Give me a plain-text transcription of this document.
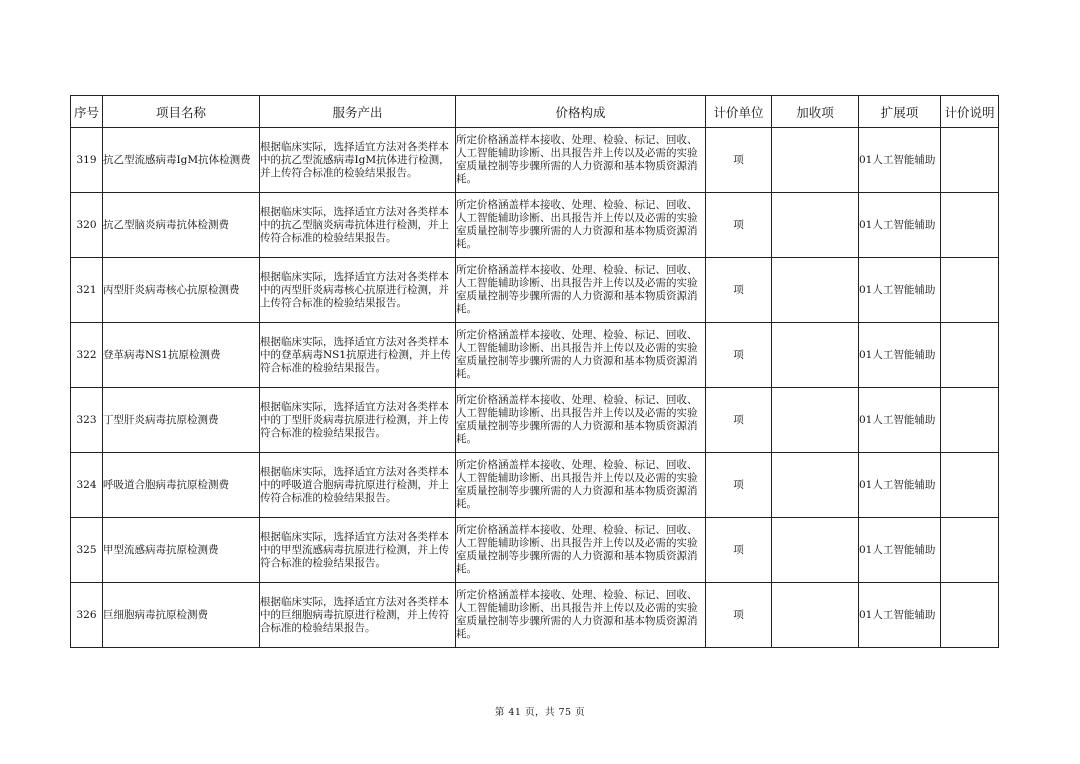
序号	项目名称	服务产出	价格构成	计价单位	加收项	扩展项	计价说明
319	抗乙型流感病毒IgM抗体检测费	根据临床实际，选择适宜方法对各类样本中的抗乙型流感病毒IgM抗体进行检测，并上传符合标准的检验结果报告。	所定价格涵盖样本接收、处理、检验、标记、回收、人工智能辅助诊断、出具报告并上传以及必需的实验室质量控制等步骤所需的人力资源和基本物质资源消耗。	项		01人工智能辅助	
320	抗乙型脑炎病毒抗体检测费	根据临床实际，选择适宜方法对各类样本中的抗乙型脑炎病毒抗体进行检测，并上传符合标准的检验结果报告。	所定价格涵盖样本接收、处理、检验、标记、回收、人工智能辅助诊断、出具报告并上传以及必需的实验室质量控制等步骤所需的人力资源和基本物质资源消耗。	项		01人工智能辅助	
321	丙型肝炎病毒核心抗原检测费	根据临床实际，选择适宜方法对各类样本中的丙型肝炎病毒核心抗原进行检测，并上传符合标准的检验结果报告。	所定价格涵盖样本接收、处理、检验、标记、回收、人工智能辅助诊断、出具报告并上传以及必需的实验室质量控制等步骤所需的人力资源和基本物质资源消耗。	项		01人工智能辅助	
322	登革病毒NS1抗原检测费	根据临床实际，选择适宜方法对各类样本中的登革病毒NS1抗原进行检测，并上传符合标准的检验结果报告。	所定价格涵盖样本接收、处理、检验、标记、回收、人工智能辅助诊断、出具报告并上传以及必需的实验室质量控制等步骤所需的人力资源和基本物质资源消耗。	项		01人工智能辅助	
323	丁型肝炎病毒抗原检测费	根据临床实际，选择适宜方法对各类样本中的丁型肝炎病毒抗原进行检测，并上传符合标准的检验结果报告。	所定价格涵盖样本接收、处理、检验、标记、回收、人工智能辅助诊断、出具报告并上传以及必需的实验室质量控制等步骤所需的人力资源和基本物质资源消耗。	项		01人工智能辅助	
324	呼吸道合胞病毒抗原检测费	根据临床实际，选择适宜方法对各类样本中的呼吸道合胞病毒抗原进行检测，并上传符合标准的检验结果报告。	所定价格涵盖样本接收、处理、检验、标记、回收、人工智能辅助诊断、出具报告并上传以及必需的实验室质量控制等步骤所需的人力资源和基本物质资源消耗。	项		01人工智能辅助	
325	甲型流感病毒抗原检测费	根据临床实际，选择适宜方法对各类样本中的甲型流感病毒抗原进行检测，并上传符合标准的检验结果报告。	所定价格涵盖样本接收、处理、检验、标记、回收、人工智能辅助诊断、出具报告并上传以及必需的实验室质量控制等步骤所需的人力资源和基本物质资源消耗。	项		01人工智能辅助	
326	巨细胞病毒抗原检测费	根据临床实际，选择适宜方法对各类样本中的巨细胞病毒抗原进行检测，并上传符合标准的检验结果报告。	所定价格涵盖样本接收、处理、检验、标记、回收、人工智能辅助诊断、出具报告并上传以及必需的实验室质量控制等步骤所需的人力资源和基本物质资源消耗。	项		01人工智能辅助	
第 41 页，共 75 页
